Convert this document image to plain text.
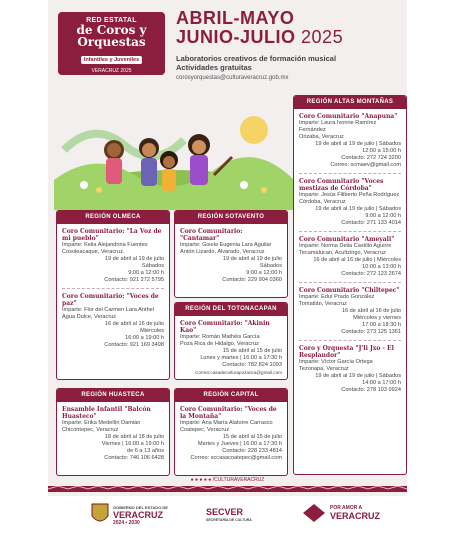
RED ESTATAL
de Coros y Orquestas
Infantiles y Juveniles
VERACRUZ 2025
ABRIL-MAYO
JUNIO-JULIO 2025
Laboratorios creativos de formación musical
Actividades gratuitas
corosyorquestas@culturaveracruz.gob.mx
REGIÓN ALTAS MONTAÑAS
Coro Comunitario "Anapuna"
Imparte: Laura Ivonne Ramírez Fernández
Orizaba, Veracruz
19 de abril al 19 de julio | Sábados
12:00 a 15:00 h
Contacto: 272 724 3200
Correo: scmaev@gmail.com
Coro Comunitario "Voces mestizas de Córdoba"
Imparte: Jesús Filiberto Peña Rodríguez
Córdoba, Veracruz
19 de abril al 19 de julio | Sábados
9:00 a 12:00 h
Contacto: 271 133 4014
Coro Comunitario "Ameyali"
Imparte: Norma Delia Castillo Aguirre
Tecamalucan, Acultzingo, Veracruz
16 de abril al 16 de julio | Miércoles
10:00 a 13:00 h
Contacto: 272 123 2674
Coro Comunitario "Chiltepec"
Imparte: Eduí Prado González
Tomatlán, Veracruz
16 de abril al 16 de julio
Miércoles y viernes
17:00 a 18:30 h
Contacto: 273 125 1361
Coro y Orquesta "J'li Jxo - El Resplandor"
Imparte: Víctor García Ortega
Tezonapa, Veracruz
19 de abril al 19 de julio | Sábados
14:00 a 17:00 h
Contacto: 278 103 0924
REGIÓN OLMECA
Coro Comunitario: "La Voz de mi pueblo"
Imparte: Keila Alejandrina Fuentes Cosoleacaque, Veracruz.
19 de abril al 19 de julio
Sábados
9:00 a 12:00 h
Contacto: 921 272 5795
Coro Comunitario: "Voces de paz"
Imparte: Flor del Carmen Lara Anthel
Agua Dulce, Veracruz
16 de abril al 16 de julio
Miércoles
16:00 a 19:00 h
Contacto: 921 169 3498
REGIÓN SOTAVENTO
Coro Comunitario: "Cantamar"
Imparte: Gisela Eugenia Lara Aguilar
Antón Lizardo, Alvarado, Veracruz
19 de abril al 19 de julio
Sábados
9:00 a 12:00 h
Contacto: 229 904 0360
REGIÓN DEL TOTONACAPAN
Coro Comunitario: "Akinin Kao"
Imparte: Román Mathéis García
Poza Rica de Hidalgo, Veracruz
15 de abril al 15 de julio
Lunes y martes | 16:00 a 17:30 h
Contacto: 782 824 1093
Correo:casadeculturapozarica@gmail.com
REGIÓN HUASTECA
Ensamble Infantil "Balcón Huasteco"
Imparte: Erika Medellín Damián
Chicontepec, Veracruz
18 de abril al 18 de julio
Viernes | 16:00 a 19:00 h
de 6 a 13 años
Contacto: 746 106 6428
REGIÓN CAPITAL
Coro Comunitario: "Voces de la Montaña"
Imparte: Ana María Alatorre Carrasco
Coatepec, Veracruz
15 de abril al 15 de julio
Martes y Jueves | 16:00 a 17:30 h
Contacto: 228 233 4814
Correo: sccasacoatepec@gmail.com
● ● ● ● ● /CULTURAVERACRUZ
GOBIERNO DEL ESTADO DE
VERACRUZ
2024 • 2030
SECVER
SECRETARÍA DE CULTURA
POR AMOR A
VERACRUZ
